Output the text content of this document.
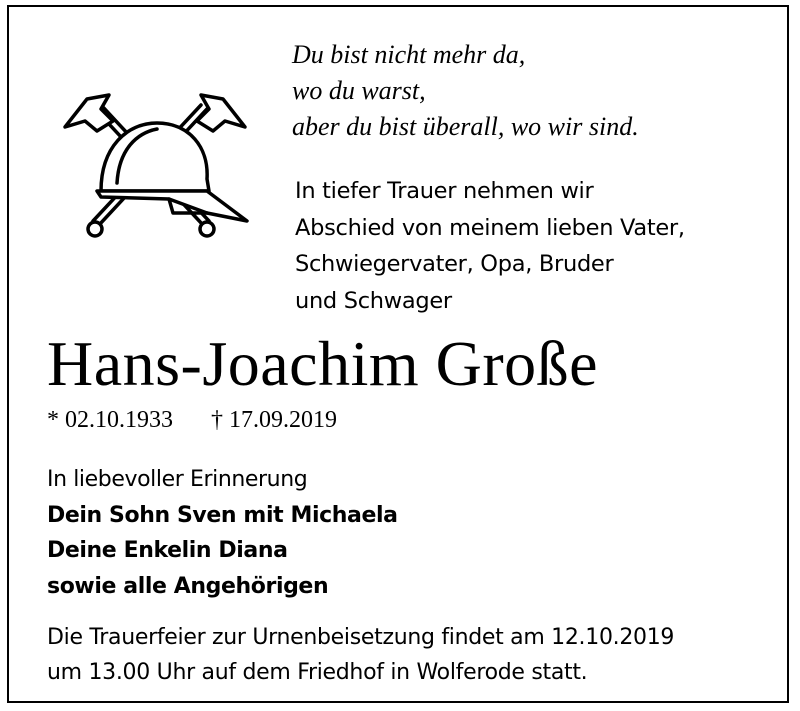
Du bist nicht mehr da,
wo du warst,
aber du bist überall, wo wir sind.
In tiefer Trauer nehmen wir
Abschied von meinem lieben Vater,
Schwiegervater, Opa, Bruder
und Schwager
Hans-Joachim Große
* 02.10.1933 † 17.09.2019
In liebevoller Erinnerung
Dein Sohn Sven mit Michaela
Deine Enkelin Diana
sowie alle Angehörigen
Die Trauerfeier zur Urnenbeisetzung findet am 12.10.2019
um 13.00 Uhr auf dem Friedhof in Wolferode statt.
